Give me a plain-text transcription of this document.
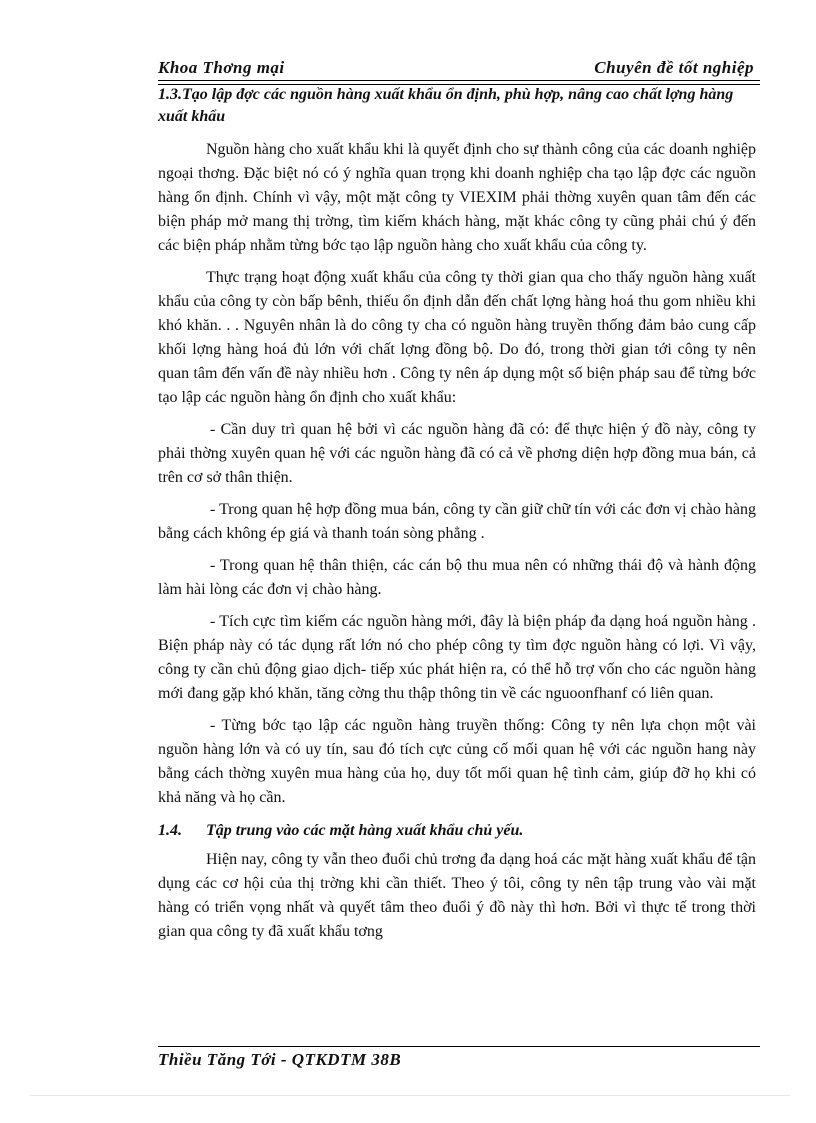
Khoa Thơng mại	Chuyên đề tốt nghiệp
1.3.Tạo lập đợc các nguồn hàng xuất khẩu ổn định, phù hợp, nâng cao chất lợng hàng xuất khẩu

Nguồn hàng cho xuất khẩu khi là quyết định cho sự thành công của các doanh nghiệp ngoại thơng. Đặc biệt nó có ý nghĩa quan trọng khi doanh nghiệp cha tạo lập đợc các nguồn hàng ổn định. Chính vì vậy, một mặt công ty VIEXIM phải thờng xuyên quan tâm đến các biện pháp mở mang thị trờng, tìm kiếm khách hàng, mặt khác công ty cũng phải chú ý đến các biện pháp nhằm từng bớc tạo lập nguồn hàng cho xuất khẩu của công ty.

Thực trạng hoạt động xuất khẩu của công ty thời gian qua cho thấy nguồn hàng xuất khẩu của công ty còn bấp bênh, thiếu ổn định dẫn đến chất lợng hàng hoá thu gom nhiều khi khó khăn. . . Nguyên nhân là do công ty cha có nguồn hàng truyền thống đảm bảo cung cấp khối lợng hàng hoá đủ lớn với chất lợng đồng bộ. Do đó, trong thời gian tới công ty nên quan tâm đến vấn đề này nhiều hơn . Công ty nên áp dụng một số biện pháp sau để từng bớc tạo lập các nguồn hàng ổn định cho xuất khẩu:

- Cần duy trì quan hệ bởi vì các nguồn hàng đã có: để thực hiện ý đồ này, công ty phải thờng xuyên quan hệ với các nguồn hàng đã có cả về phơng diện hợp đồng mua bán, cả trên cơ sở thân thiện.

- Trong quan hệ hợp đồng mua bán, công ty cần giữ chữ tín với các đơn vị chào hàng bằng cách không ép giá và thanh toán sòng phẳng .

- Trong quan hệ thân thiện, các cán bộ thu mua nên có những thái độ và hành động làm hài lòng các đơn vị chào hàng.

- Tích cực tìm kiếm các nguồn hàng mới, đây là biện pháp đa dạng hoá nguồn hàng . Biện pháp này có tác dụng rất lớn nó cho phép công ty tìm đợc nguồn hàng có lợi. Vì vậy, công ty cần chủ động giao dịch- tiếp xúc phát hiện ra, có thể hỗ trợ vốn cho các nguồn hàng mới đang gặp khó khăn, tăng cờng thu thập thông tin về các nguoonfhanf có liên quan.

- Từng bớc tạo lập các nguồn hàng truyền thống: Công ty nên lựa chọn một vài nguồn hàng lớn và có uy tín, sau đó tích cực củng cố mối quan hệ với các nguồn hang này bằng cách thờng xuyên mua hàng của họ, duy tốt mối quan hệ tình cảm, giúp đỡ họ khi có khả năng và họ cần.

1.4. Tập trung vào các mặt hàng xuất khẩu chủ yếu.

Hiện nay, công ty vẫn theo đuổi chủ trơng đa dạng hoá các mặt hàng xuất khẩu để tận dụng các cơ hội của thị trờng khi cần thiết. Theo ý tôi, công ty nên tập trung vào vài mặt hàng có triển vọng nhất và quyết tâm theo đuổi ý đồ này thì hơn. Bởi vì thực tế trong thời gian qua công ty đã xuất khẩu tơng

Thiều Tăng Tới - QTKDTM 38B
